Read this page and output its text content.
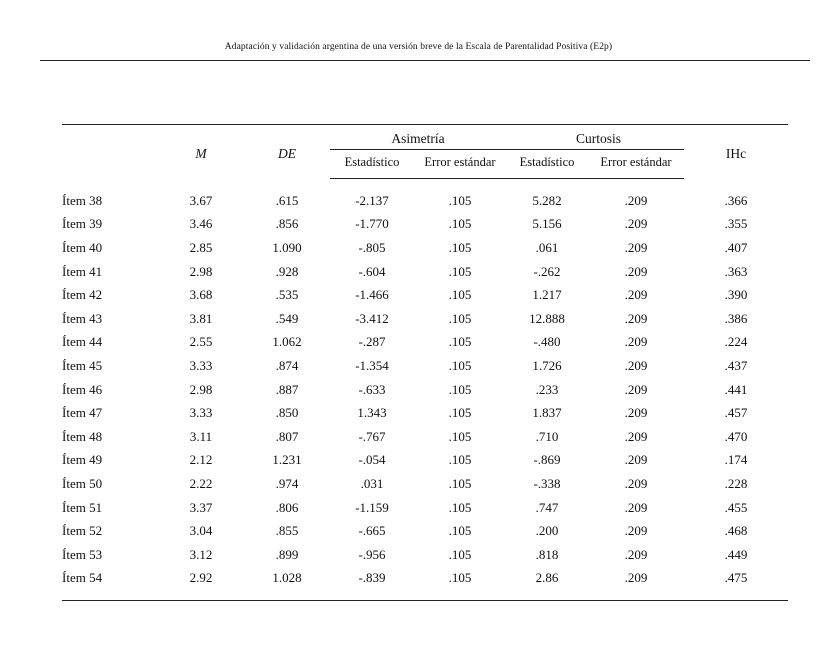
Adaptación y validación argentina de una versión breve de la Escala de Parentalidad Positiva (E2p)
	M	DE	Asimetría		Curtosis		IHc
			Estadístico	Error estándar	Estadístico	Error estándar	
Ítem 38	3.67	.615	-2.137	.105	5.282	.209	.366
Ítem 39	3.46	.856	-1.770	.105	5.156	.209	.355
Ítem 40	2.85	1.090	-.805	.105	.061	.209	.407
Ítem 41	2.98	.928	-.604	.105	-.262	.209	.363
Ítem 42	3.68	.535	-1.466	.105	1.217	.209	.390
Ítem 43	3.81	.549	-3.412	.105	12.888	.209	.386
Ítem 44	2.55	1.062	-.287	.105	-.480	.209	.224
Ítem 45	3.33	.874	-1.354	.105	1.726	.209	.437
Ítem 46	2.98	.887	-.633	.105	.233	.209	.441
Ítem 47	3.33	.850	1.343	.105	1.837	.209	.457
Ítem 48	3.11	.807	-.767	.105	.710	.209	.470
Ítem 49	2.12	1.231	-.054	.105	-.869	.209	.174
Ítem 50	2.22	.974	.031	.105	-.338	.209	.228
Ítem 51	3.37	.806	-1.159	.105	.747	.209	.455
Ítem 52	3.04	.855	-.665	.105	.200	.209	.468
Ítem 53	3.12	.899	-.956	.105	.818	.209	.449
Ítem 54	2.92	1.028	-.839	.105	2.86	.209	.475
